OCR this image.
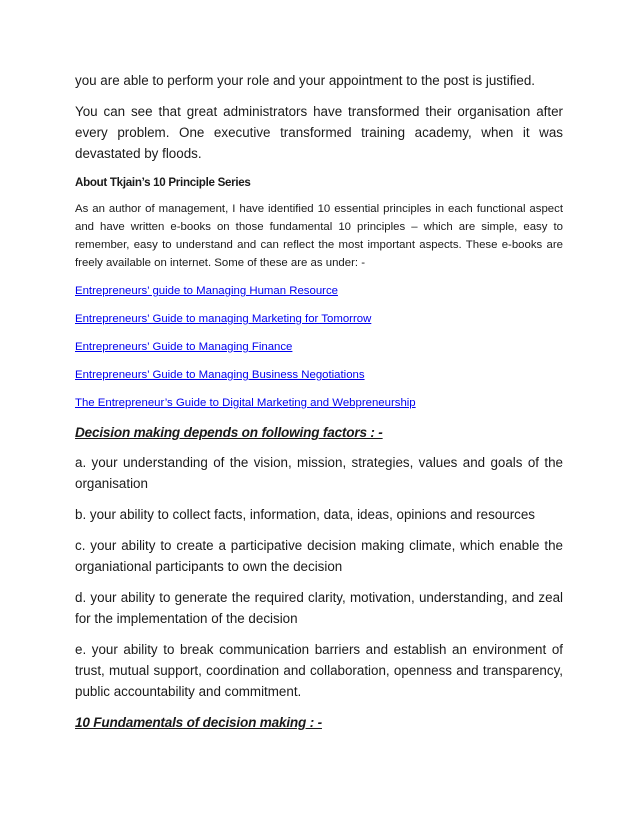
you are able to perform your role and your appointment to the post is justified.

You can see that great administrators have transformed their organisation after every problem. One executive transformed training academy, when it was devastated by floods.

About Tkjain’s 10 Principle Series

As an author of management, I have identified 10 essential principles in each functional aspect and have written e-books on those fundamental 10 principles – which are simple, easy to remember, easy to understand and can reflect the most important aspects. These e-books are freely available on internet. Some of these are as under: -

Entrepreneurs’ guide to Managing Human Resource
Entrepreneurs’ Guide to managing Marketing for Tomorrow
Entrepreneurs’ Guide to Managing Finance
Entrepreneurs’ Guide to Managing Business Negotiations
The Entrepreneur’s Guide to Digital Marketing and Webpreneurship

Decision making depends on following factors : -

a. your understanding of the vision, mission, strategies, values and goals of the organisation

b. your ability to collect facts, information, data, ideas, opinions and resources

c. your ability to create a participative decision making climate, which enable the organiational participants to own the decision

d. your ability to generate the required clarity, motivation, understanding, and zeal for the implementation of the decision

e. your ability to break communication barriers and establish an environment of trust, mutual support, coordination and collaboration, openness and transparency, public accountability and commitment.

10 Fundamentals of decision making : -
